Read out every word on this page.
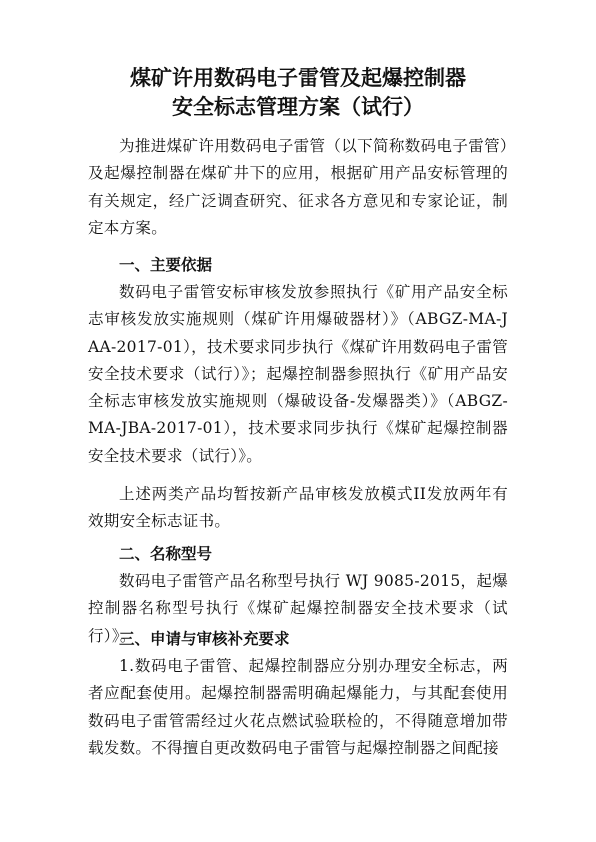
煤矿许用数码电子雷管及起爆控制器
安全标志管理方案（试行）

为推进煤矿许用数码电子雷管（以下简称数码电子雷管）及起爆控制器在煤矿井下的应用，根据矿用产品安标管理的有关规定，经广泛调查研究、征求各方意见和专家论证，制定本方案。

一、主要依据

数码电子雷管安标审核发放参照执行《矿用产品安全标志审核发放实施规则（煤矿许用爆破器材）》（ABGZ-MA-JAA-2017-01），技术要求同步执行《煤矿许用数码电子雷管安全技术要求（试行）》；起爆控制器参照执行《矿用产品安全标志审核发放实施规则（爆破设备-发爆器类）》（ABGZ-MA-JBA-2017-01），技术要求同步执行《煤矿起爆控制器安全技术要求（试行）》。

上述两类产品均暂按新产品审核发放模式II发放两年有效期安全标志证书。

二、名称型号

数码电子雷管产品名称型号执行 WJ 9085-2015，起爆控制器名称型号执行《煤矿起爆控制器安全技术要求（试行）》。

三、申请与审核补充要求

1.数码电子雷管、起爆控制器应分别办理安全标志，两者应配套使用。起爆控制器需明确起爆能力，与其配套使用数码电子雷管需经过火花点燃试验联检的，不得随意增加带载发数。不得擅自更改数码电子雷管与起爆控制器之间配接
